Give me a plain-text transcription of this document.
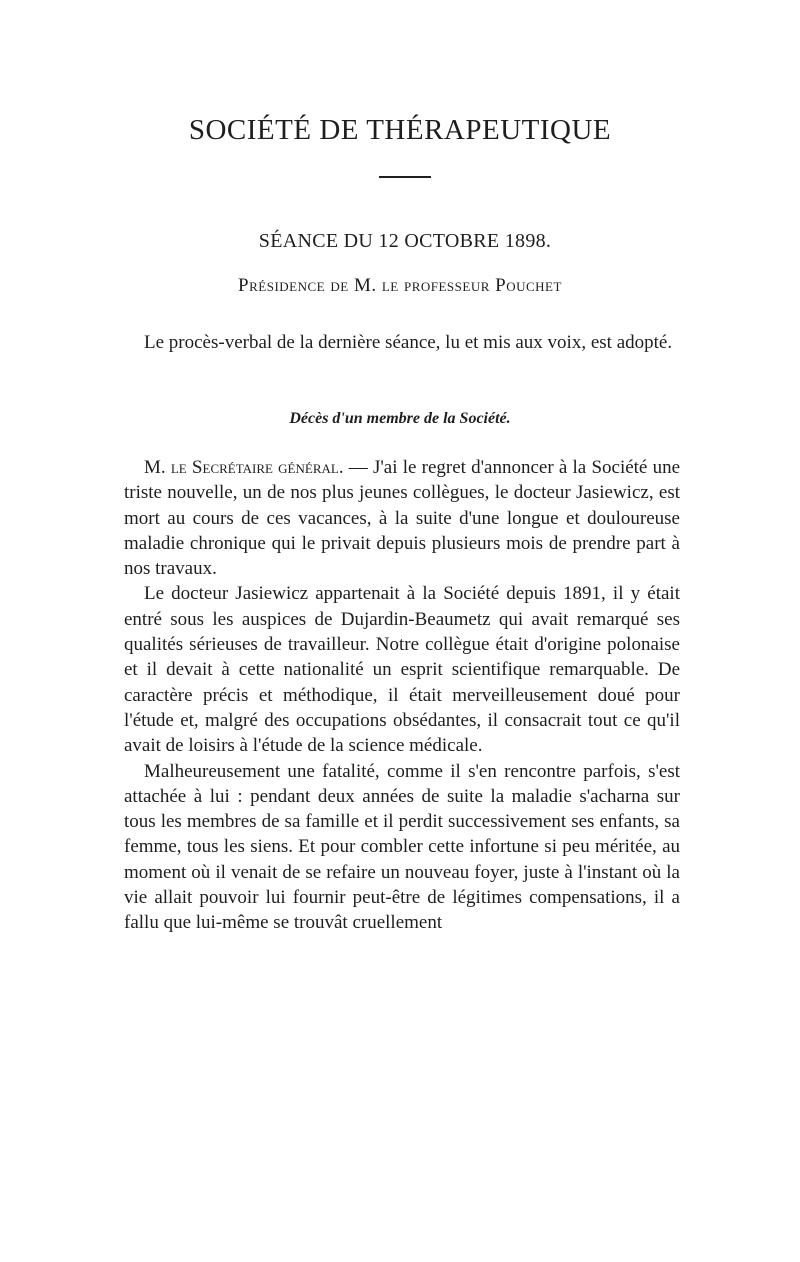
SOCIÉTÉ DE THÉRAPEUTIQUE
SÉANCE DU 12 OCTOBRE 1898.
Présidence de M. le professeur Pouchet
Le procès-verbal de la dernière séance, lu et mis aux voix, est adopté.
Décès d'un membre de la Société.

M. le Secrétaire général. — J'ai le regret d'annoncer à la Société une triste nouvelle, un de nos plus jeunes collègues, le docteur Jasiewicz, est mort au cours de ces vacances, à la suite d'une longue et douloureuse maladie chronique qui le privait depuis plusieurs mois de prendre part à nos travaux.

Le docteur Jasiewicz appartenait à la Société depuis 1891, il y était entré sous les auspices de Dujardin-Beaumetz qui avait remarqué ses qualités sérieuses de travailleur. Notre collègue était d'origine polonaise et il devait à cette nationalité un esprit scientifique remarquable. De caractère précis et méthodique, il était merveilleusement doué pour l'étude et, malgré des occupations obsédantes, il consacrait tout ce qu'il avait de loisirs à l'étude de la science médicale.

Malheureusement une fatalité, comme il s'en rencontre parfois, s'est attachée à lui : pendant deux années de suite la maladie s'acharna sur tous les membres de sa famille et il perdit successivement ses enfants, sa femme, tous les siens. Et pour combler cette infortune si peu méritée, au moment où il venait de se refaire un nouveau foyer, juste à l'instant où la vie allait pouvoir lui fournir peut-être de légitimes compensations, il a fallu que lui-même se trouvât cruellement
